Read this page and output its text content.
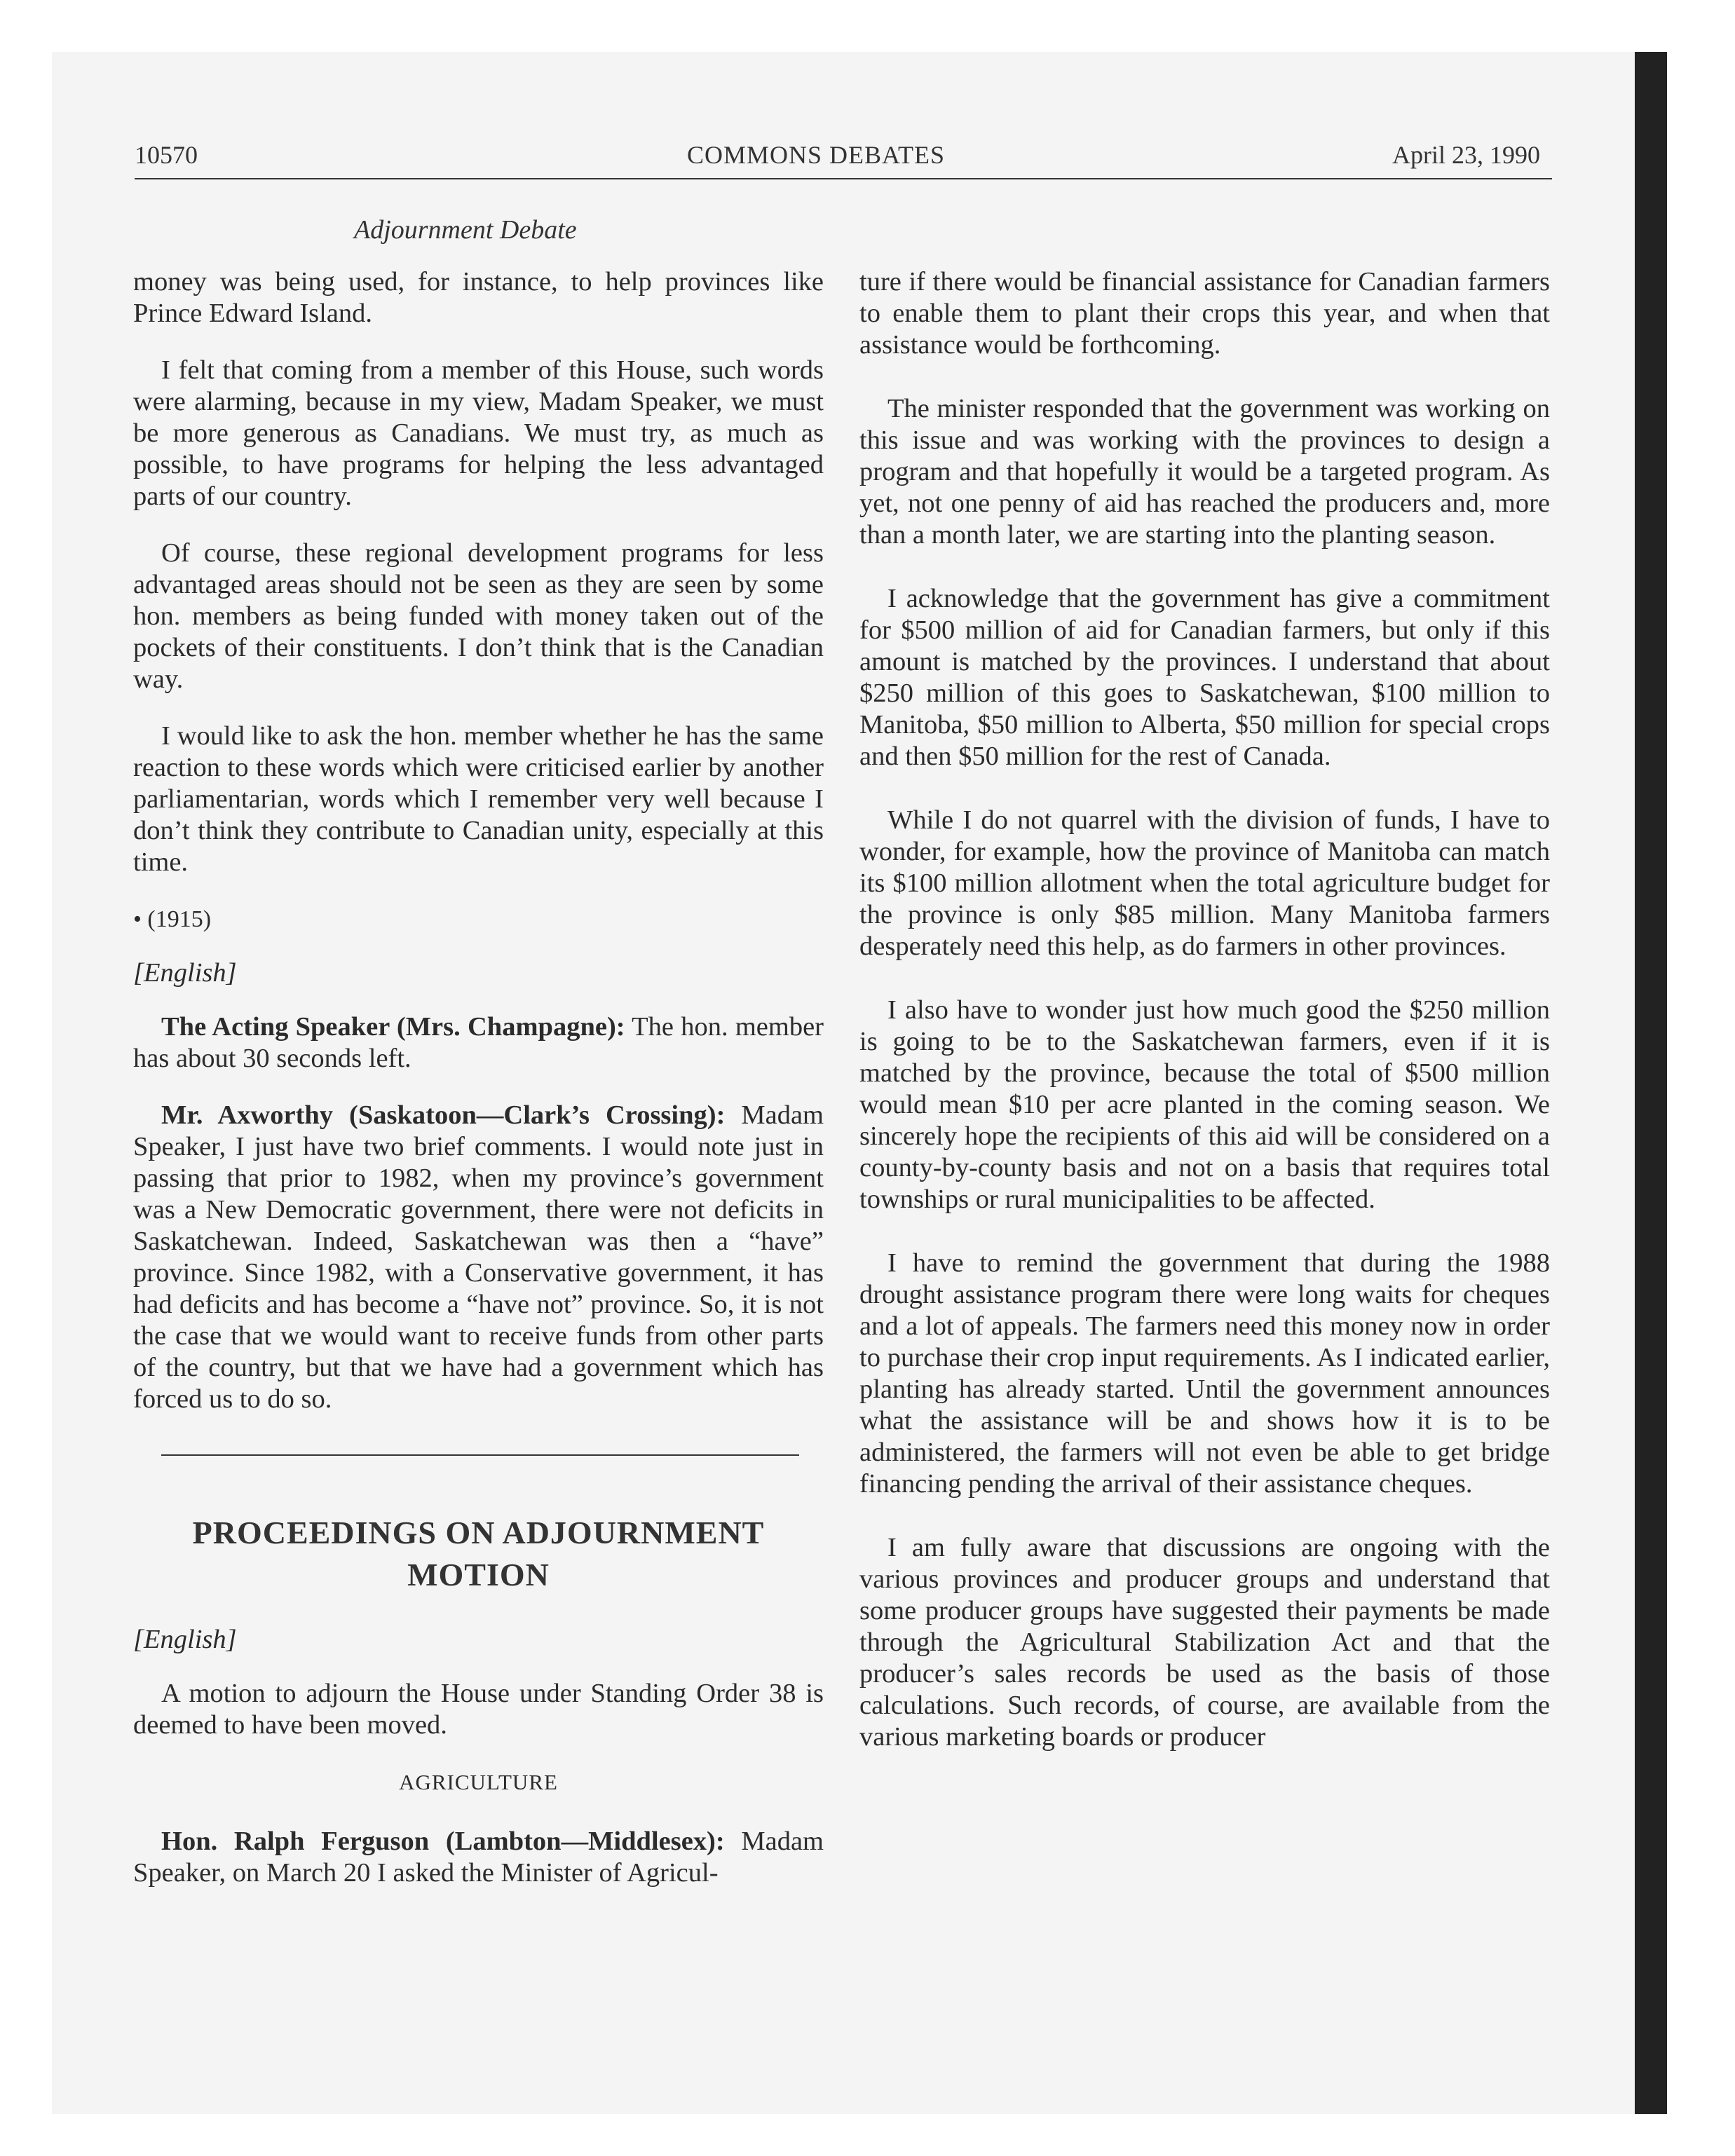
10570	COMMONS DEBATES	April 23, 1990
Adjournment Debate

money was being used, for instance, to help provinces like Prince Edward Island.

I felt that coming from a member of this House, such words were alarming, because in my view, Madam Speaker, we must be more generous as Canadians. We must try, as much as possible, to have programs for helping the less advantaged parts of our country.

Of course, these regional development programs for less advantaged areas should not be seen as they are seen by some hon. members as being funded with money taken out of the pockets of their constituents. I don’t think that is the Canadian way.

I would like to ask the hon. member whether he has the same reaction to these words which were criticised earlier by another parliamentarian, words which I remember very well because I don’t think they contribute to Canadian unity, especially at this time.

• (1915)
[English]

The Acting Speaker (Mrs. Champagne): The hon. member has about 30 seconds left.

Mr. Axworthy (Saskatoon—Clark’s Crossing): Madam Speaker, I just have two brief comments. I would note just in passing that prior to 1982, when my province’s government was a New Democratic government, there were not deficits in Saskatchewan. Indeed, Saskatchewan was then a “have” province. Since 1982, with a Conservative government, it has had deficits and has become a “have not” province. So, it is not the case that we would want to receive funds from other parts of the country, but that we have had a government which has forced us to do so.

PROCEEDINGS ON ADJOURNMENT MOTION
[English]

A motion to adjourn the House under Standing Order 38 is deemed to have been moved.

AGRICULTURE

Hon. Ralph Ferguson (Lambton—Middlesex): Madam Speaker, on March 20 I asked the Minister of Agricul-

ture if there would be financial assistance for Canadian farmers to enable them to plant their crops this year, and when that assistance would be forthcoming.

The minister responded that the government was working on this issue and was working with the provinces to design a program and that hopefully it would be a targeted program. As yet, not one penny of aid has reached the producers and, more than a month later, we are starting into the planting season.

I acknowledge that the government has give a commitment for $500 million of aid for Canadian farmers, but only if this amount is matched by the provinces. I understand that about $250 million of this goes to Saskatchewan, $100 million to Manitoba, $50 million to Alberta, $50 million for special crops and then $50 million for the rest of Canada.

While I do not quarrel with the division of funds, I have to wonder, for example, how the province of Manitoba can match its $100 million allotment when the total agriculture budget for the province is only $85 million. Many Manitoba farmers desperately need this help, as do farmers in other provinces.

I also have to wonder just how much good the $250 million is going to be to the Saskatchewan farmers, even if it is matched by the province, because the total of $500 million would mean $10 per acre planted in the coming season. We sincerely hope the recipients of this aid will be considered on a county-by-county basis and not on a basis that requires total townships or rural municipalities to be affected.

I have to remind the government that during the 1988 drought assistance program there were long waits for cheques and a lot of appeals. The farmers need this money now in order to purchase their crop input requirements. As I indicated earlier, planting has already started. Until the government announces what the assistance will be and shows how it is to be administered, the farmers will not even be able to get bridge financing pending the arrival of their assistance cheques.

I am fully aware that discussions are ongoing with the various provinces and producer groups and understand that some producer groups have suggested their payments be made through the Agricultural Stabilization Act and that the producer’s sales records be used as the basis of those calculations. Such records, of course, are available from the various marketing boards or producer
